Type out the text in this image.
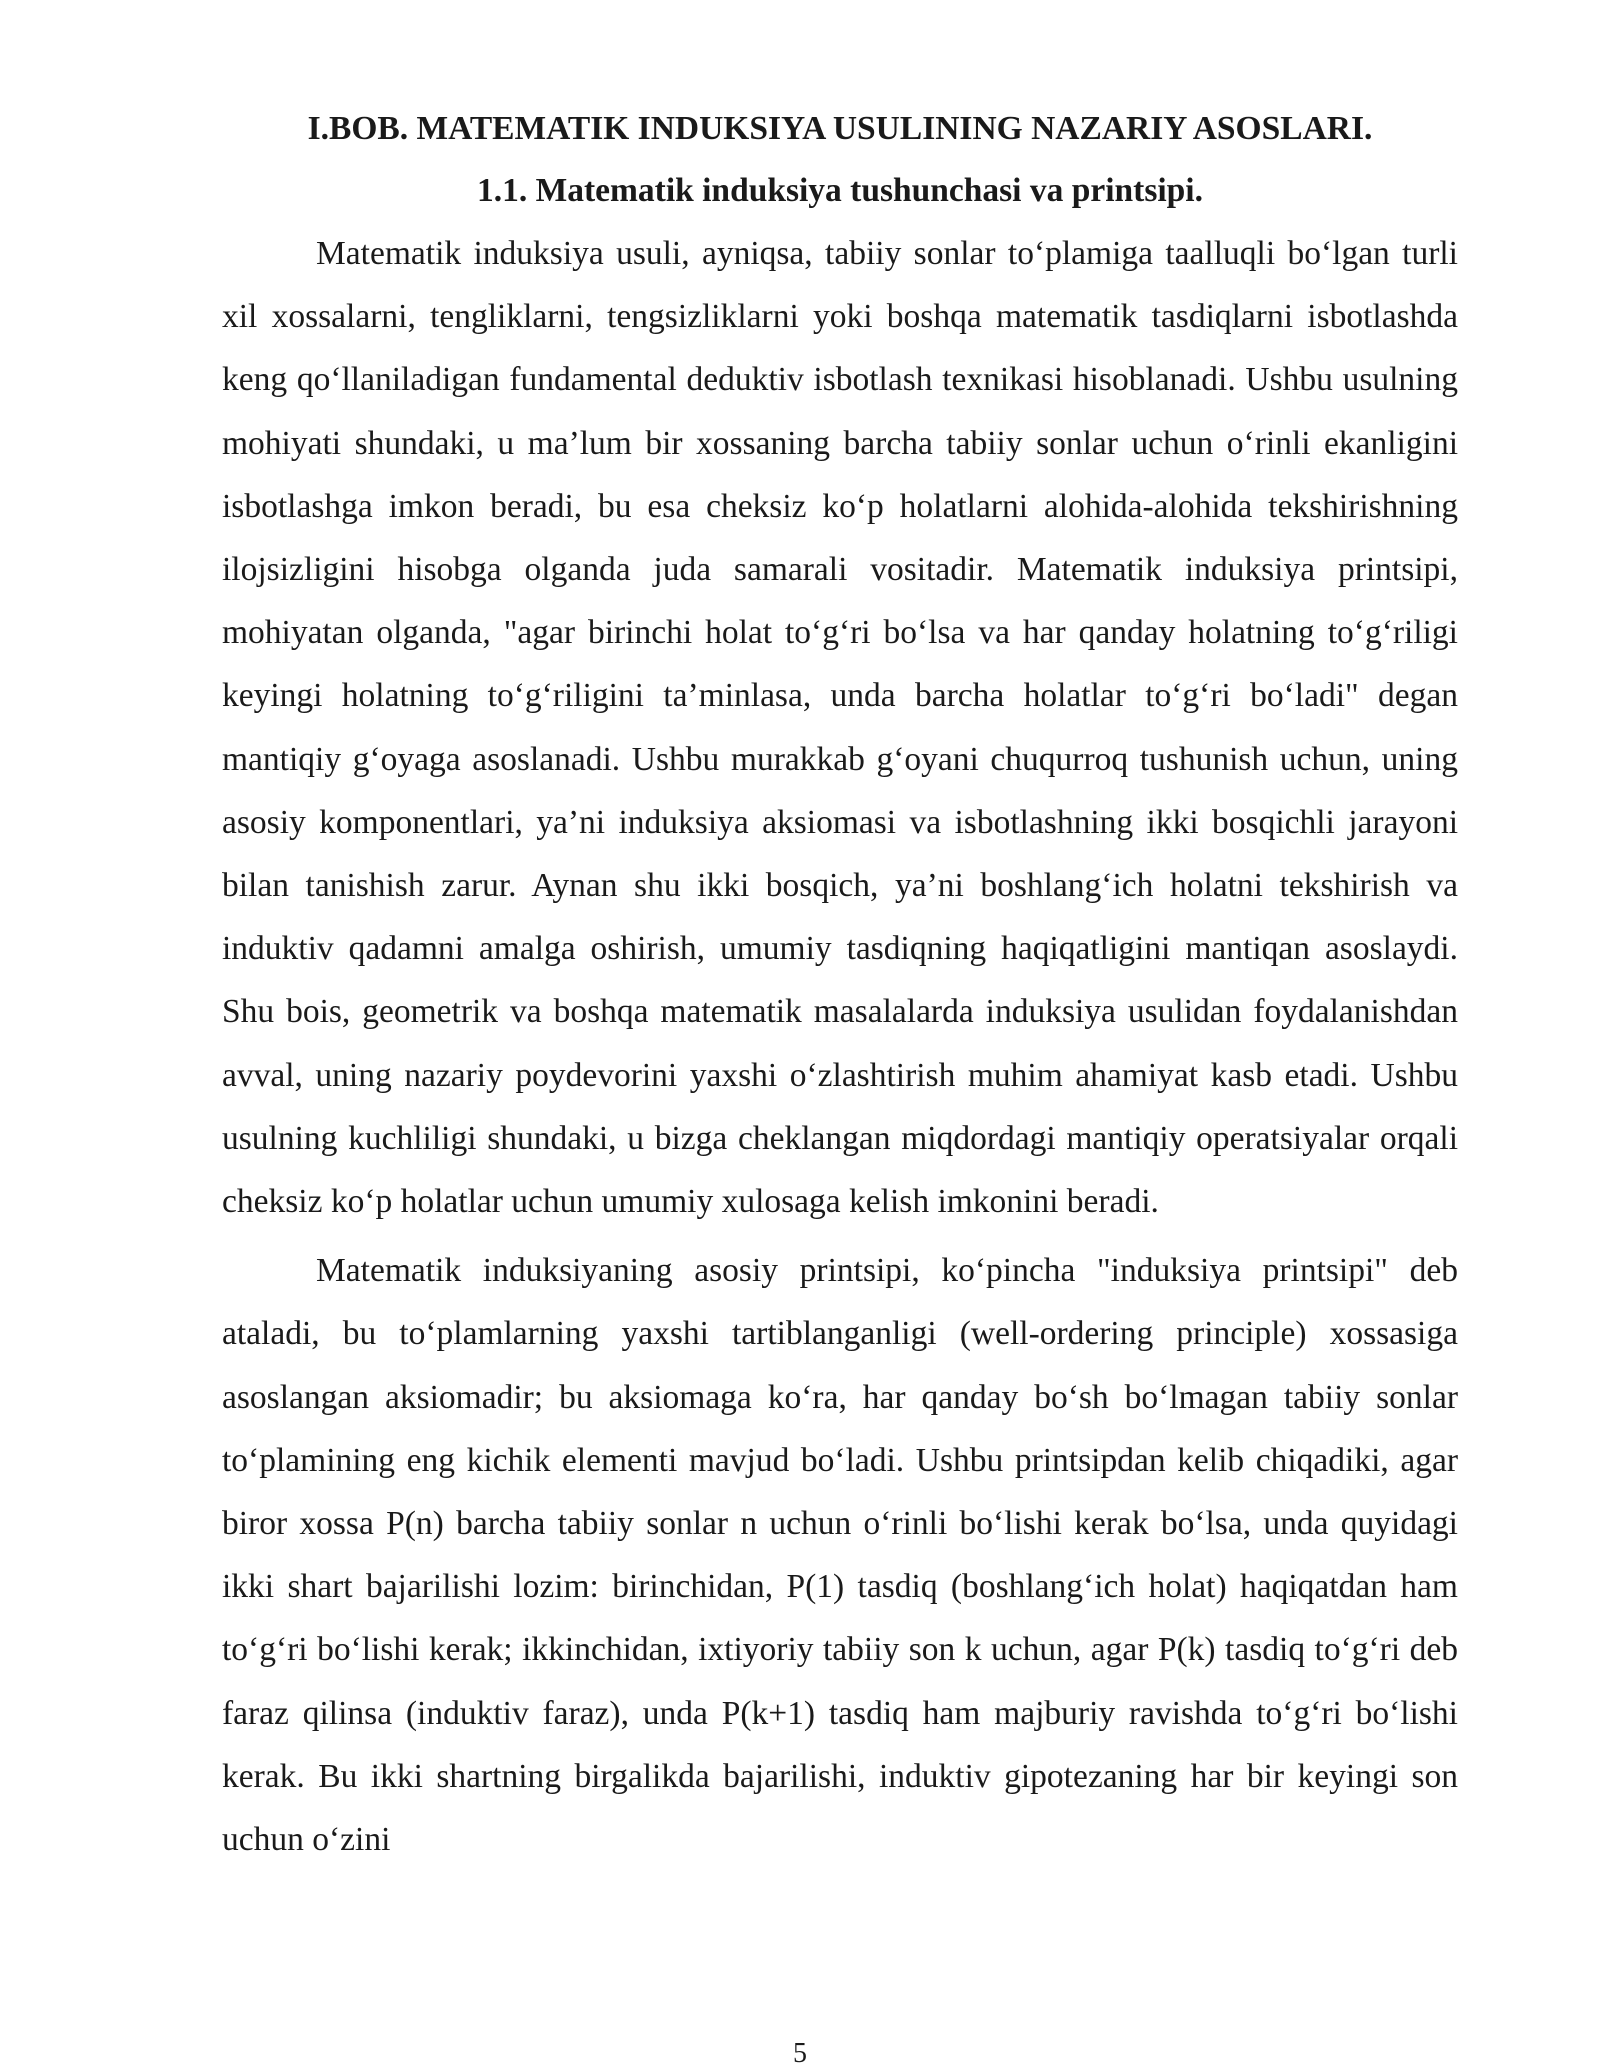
I.BOB. MATEMATIK INDUKSIYA USULINING NAZARIY ASOSLARI.
1.1. Matematik induksiya tushunchasi va printsipi.

Matematik induksiya usuli, ayniqsa, tabiiy sonlar to‘plamiga taalluqli bo‘lgan turli xil xossalarni, tengliklarni, tengsizliklarni yoki boshqa matematik tasdiqlarni isbotlashda keng qo‘llaniladigan fundamental deduktiv isbotlash texnikasi hisoblanadi. Ushbu usulning mohiyati shundaki, u ma’lum bir xossaning barcha tabiiy sonlar uchun o‘rinli ekanligini isbotlashga imkon beradi, bu esa cheksiz ko‘p holatlarni alohida-alohida tekshirishning ilojsizligini hisobga olganda juda samarali vositadir. Matematik induksiya printsipi, mohiyatan olganda, "agar birinchi holat to‘g‘ri bo‘lsa va har qanday holatning to‘g‘riligi keyingi holatning to‘g‘riligini ta’minlasa, unda barcha holatlar to‘g‘ri bo‘ladi" degan mantiqiy g‘oyaga asoslanadi. Ushbu murakkab g‘oyani chuqurroq tushunish uchun, uning asosiy komponentlari, ya’ni induksiya aksiomasi va isbotlashning ikki bosqichli jarayoni bilan tanishish zarur. Aynan shu ikki bosqich, ya’ni boshlang‘ich holatni tekshirish va induktiv qadamni amalga oshirish, umumiy tasdiqning haqiqatligini mantiqan asoslaydi. Shu bois, geometrik va boshqa matematik masalalarda induksiya usulidan foydalanishdan avval, uning nazariy poydevorini yaxshi o‘zlashtirish muhim ahamiyat kasb etadi. Ushbu usulning kuchliligi shundaki, u bizga cheklangan miqdordagi mantiqiy operatsiyalar orqali cheksiz ko‘p holatlar uchun umumiy xulosaga kelish imkonini beradi.

Matematik induksiyaning asosiy printsipi, ko‘pincha "induksiya printsipi" deb ataladi, bu to‘plamlarning yaxshi tartiblanganligi (well-ordering principle) xossasiga asoslangan aksiomadir; bu aksiomaga ko‘ra, har qanday bo‘sh bo‘lmagan tabiiy sonlar to‘plamining eng kichik elementi mavjud bo‘ladi. Ushbu printsipdan kelib chiqadiki, agar biror xossa P(n) barcha tabiiy sonlar n uchun o‘rinli bo‘lishi kerak bo‘lsa, unda quyidagi ikki shart bajarilishi lozim: birinchidan, P(1) tasdiq (boshlang‘ich holat) haqiqatdan ham to‘g‘ri bo‘lishi kerak; ikkinchidan, ixtiyoriy tabiiy son k uchun, agar P(k) tasdiq to‘g‘ri deb faraz qilinsa (induktiv faraz), unda P(k+1) tasdiq ham majburiy ravishda to‘g‘ri bo‘lishi kerak. Bu ikki shartning birgalikda bajarilishi, induktiv gipotezaning har bir keyingi son uchun o‘zini

5
